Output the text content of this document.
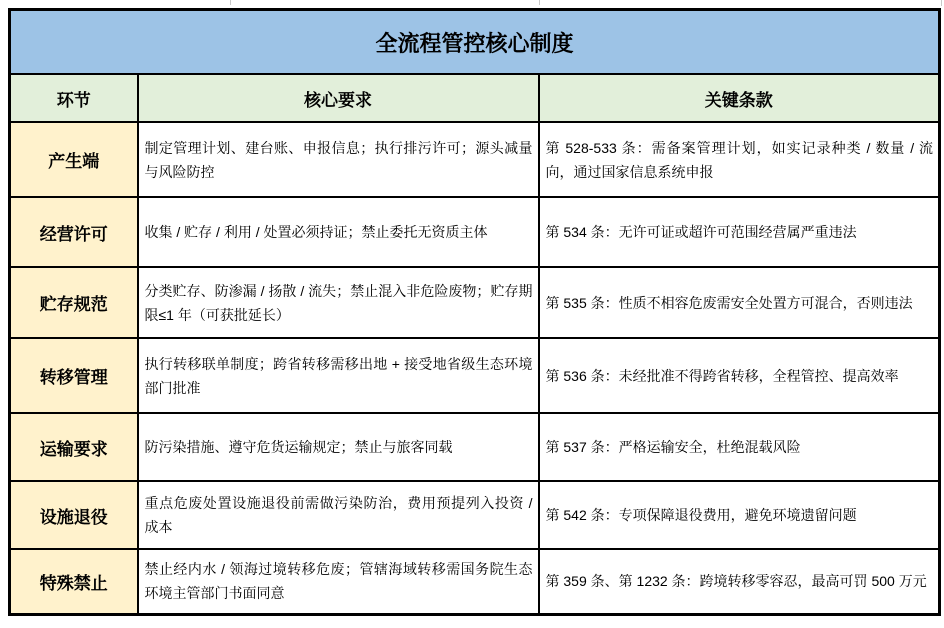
全流程管控核心制度		
环节	核心要求	关键条款
产生端	制定管理计划、建台账、申报信息；执行排污许可；源头减量与风险防控	第 528-533 条：需备案管理计划，如实记录种类 / 数量 / 流向，通过国家信息系统申报
经营许可	收集 / 贮存 / 利用 / 处置必须持证；禁止委托无资质主体	第 534 条：无许可证或超许可范围经营属严重违法
贮存规范	分类贮存、防渗漏 / 扬散 / 流失；禁止混入非危险废物；贮存期限≤1 年（可获批延长）	第 535 条：性质不相容危废需安全处置方可混合，否则违法
转移管理	执行转移联单制度；跨省转移需移出地 + 接受地省级生态环境部门批准	第 536 条：未经批准不得跨省转移，全程管控、提高效率
运输要求	防污染措施、遵守危货运输规定；禁止与旅客同载	第 537 条：严格运输安全，杜绝混载风险
设施退役	重点危废处置设施退役前需做污染防治，费用预提列入投资 / 成本	第 542 条：专项保障退役费用，避免环境遗留问题
特殊禁止	禁止经内水 / 领海过境转移危废；管辖海域转移需国务院生态环境主管部门书面同意	第 359 条、第 1232 条：跨境转移零容忍，最高可罚 500 万元
